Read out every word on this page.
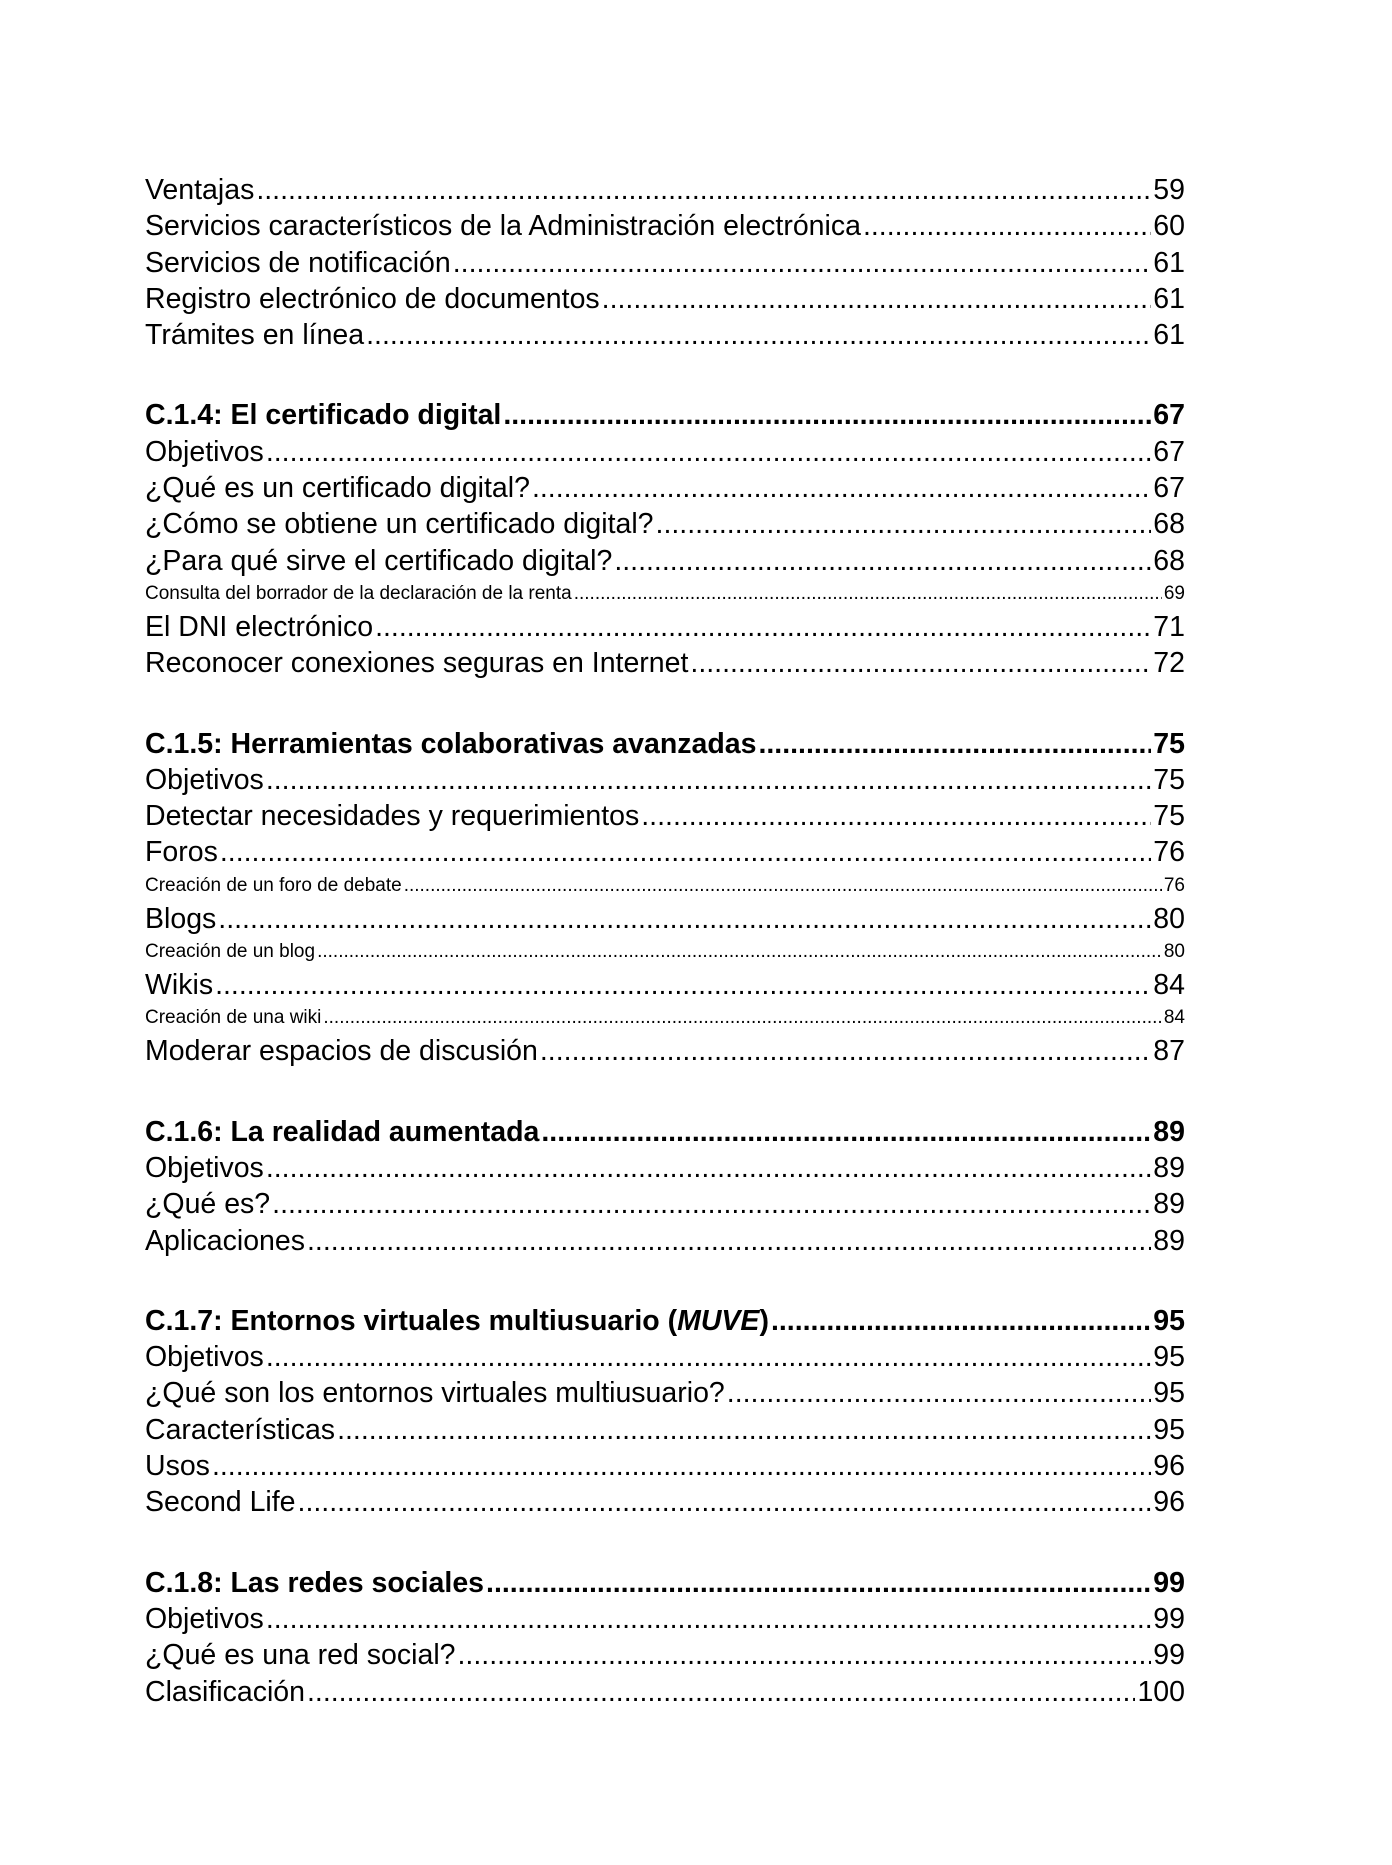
Ventajas .....	59
Servicios característicos de la Administración electrónica .....	60
Servicios de notificación .....	61
Registro electrónico de documentos .....	61
Trámites en línea .....	61
C.1.4: El certificado digital .....	67
Objetivos .....	67
¿Qué es un certificado digital? .....	67
¿Cómo se obtiene un certificado digital? .....	68
¿Para qué sirve el certificado digital? .....	68
Consulta del borrador de la declaración de la renta .....	69
El DNI electrónico .....	71
Reconocer conexiones seguras en Internet .....	72
C.1.5: Herramientas colaborativas avanzadas .....	75
Objetivos .....	75
Detectar necesidades y requerimientos .....	75
Foros .....	76
Creación de un foro de debate .....	76
Blogs .....	80
Creación de un blog .....	80
Wikis .....	84
Creación de una wiki .....	84
Moderar espacios de discusión .....	87
C.1.6: La realidad aumentada .....	89
Objetivos .....	89
¿Qué es? .....	89
Aplicaciones .....	89
C.1.7: Entornos virtuales multiusuario (MUVE) .....	95
Objetivos .....	95
¿Qué son los entornos virtuales multiusuario? .....	95
Características .....	95
Usos .....	96
Second Life .....	96
C.1.8: Las redes sociales .....	99
Objetivos .....	99
¿Qué es una red social? .....	99
Clasificación .....	100
